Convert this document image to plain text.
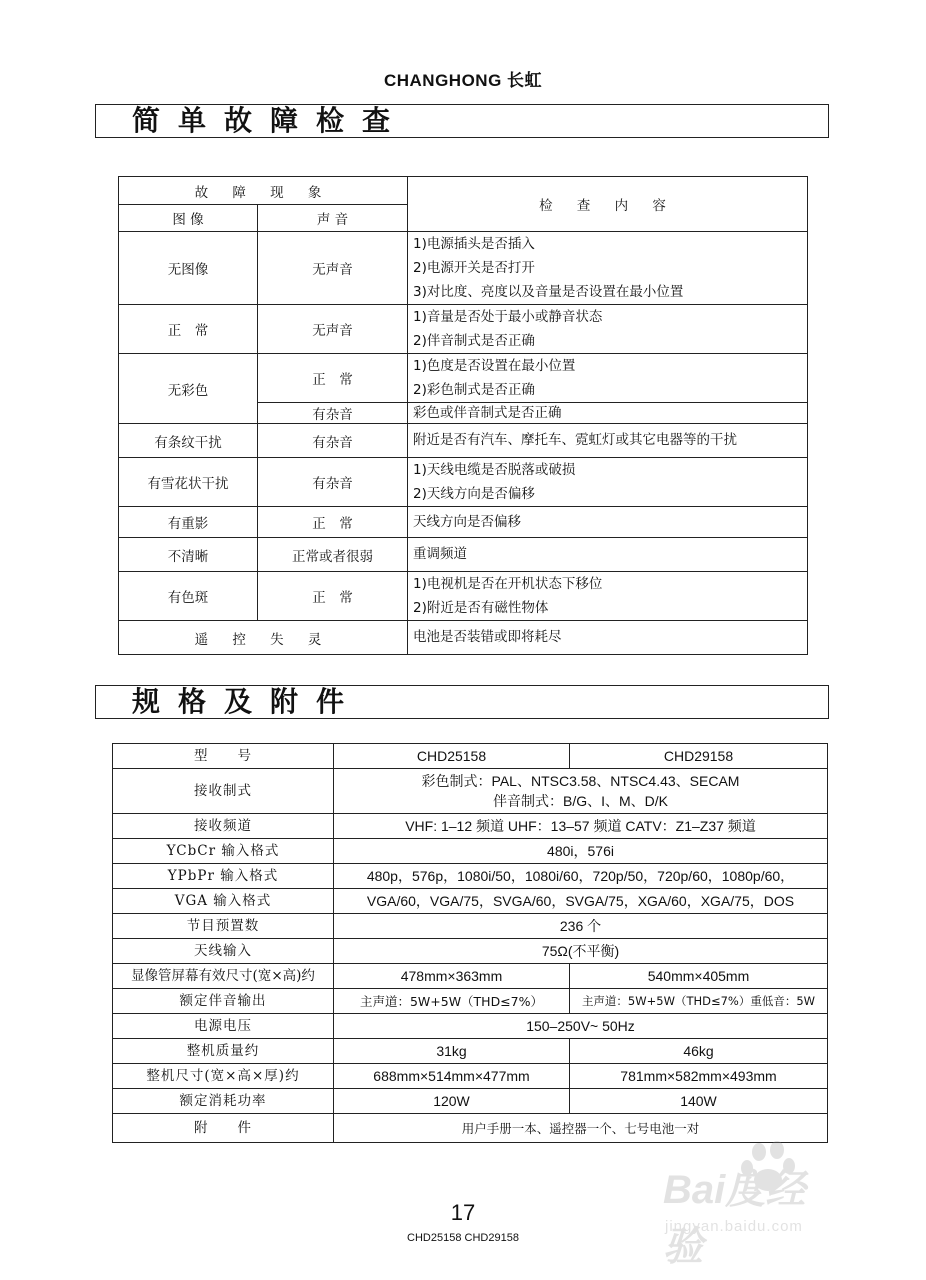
CHANGHONG 长虹
简单故障检查
故 障 现 象		检 查 内 容
图 像	声 音	
无图像	无声音	1)电源插头是否插入
2)电源开关是否打开
3)对比度、亮度以及音量是否设置在最小位置

正　常	无声音	1)音量是否处于最小或静音状态
2)伴音制式是否正确

无彩色	正　常	1)色度是否设置在最小位置
2)彩色制式是否正确

	有杂音	彩色或伴音制式是否正确

有条纹干扰	有杂音	附近是否有汽车、摩托车、霓虹灯或其它电器等的干扰

有雪花状干扰	有杂音	1)天线电缆是否脱落或破损
2)天线方向是否偏移

有重影	正　常	天线方向是否偏移

不清晰	正常或者很弱	重调频道

有色斑	正　常	1)电视机是否在开机状态下移位
2)附近是否有磁性物体

遥 控 失 灵		电池是否装错或即将耗尽
规格及附件
型　　号	CHD25158	CHD29158
接收制式	彩色制式：PAL、NTSC3.58、NTSC4.43、SECAM
伴音制式：B/G、I、M、D/K	

接收频道	VHF: 1–12 频道 UHF：13–57 频道 CATV：Z1–Z37 频道	
YCbCr 输入格式	480i，576i	
YPbPr 输入格式	480p，576p，1080i/50，1080i/60，720p/50，720p/60，1080p/60，	
VGA 输入格式	VGA/60，VGA/75，SVGA/60，SVGA/75，XGA/60，XGA/75，DOS	
节目预置数	236 个	
天线输入	75Ω(不平衡)	
显像管屏幕有效尺寸(宽×高)约	478mm×363mm	540mm×405mm
额定伴音输出	主声道：5W+5W（THD≤7%）	主声道：5W+5W（THD≤7%）重低音：5W
电源电压	150–250V~ 50Hz	
整机质量约	31kg	46kg
整机尺寸(宽×高×厚)约	688mm×514mm×477mm	781mm×582mm×493mm
额定消耗功率	120W	140W
附　　件	用户手册一本、遥控器一个、七号电池一对	
Bai度经验
jingyan.baidu.com
17
CHD25158 CHD29158
